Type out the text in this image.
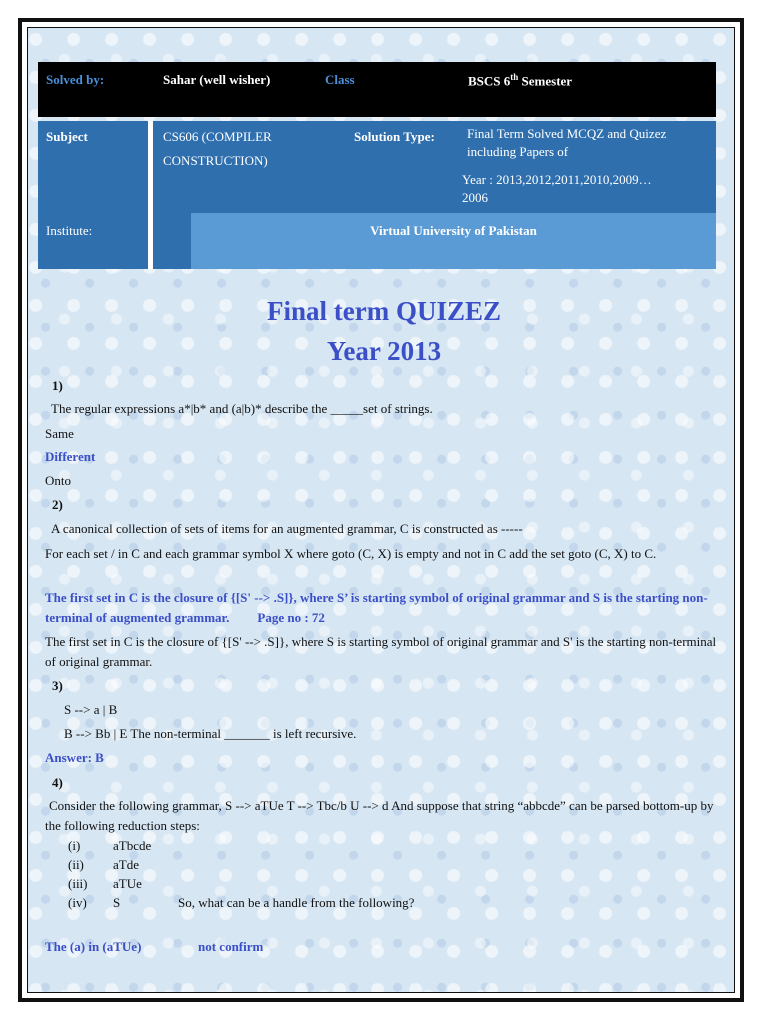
Solved by:	Sahar (well wisher)	Class	BSCS 6th Semester
Subject	CS606 (COMPILER
CONSTRUCTION)
Solution Type: Final Term Solved MCQZ and Quizez
including Papers of
Year : 2013,2012,2011,2010,2009…
2006
Institute:	Virtual University of Pakistan
Final term QUIZEZ
Year 2013
1)
The regular expressions a*|b* and (a|b)* describe the _____set of strings.
Same
Different
Onto
2)
A canonical collection of sets of items for an augmented grammar, C is constructed as -----
For each set / in C and each grammar symbol X where goto (C, X) is empty and not in C add the set goto (C, X) to C.
The first set in C is the closure of {[S' --> .S]}, where S’ is starting symbol of original grammar and S is the starting non-terminal of augmented grammar. Page no : 72
The first set in C is the closure of {[S' --> .S]}, where S is starting symbol of original grammar and S' is the starting non-terminal of original grammar.
3)
S --> a | B
B --> Bb | E The non-terminal _______ is left recursive.
Answer: B
4)
Consider the following grammar, S --> aTUe T --> Tbc/b U --> d And suppose that string “abbcde” can be parsed bottom-up by the following reduction steps:
(i)	aTbcde
(ii) aTde
(iii) aTUe
(iv) S	So, what can be a handle from the following?
The (a) in (aTUe)	not confirm
